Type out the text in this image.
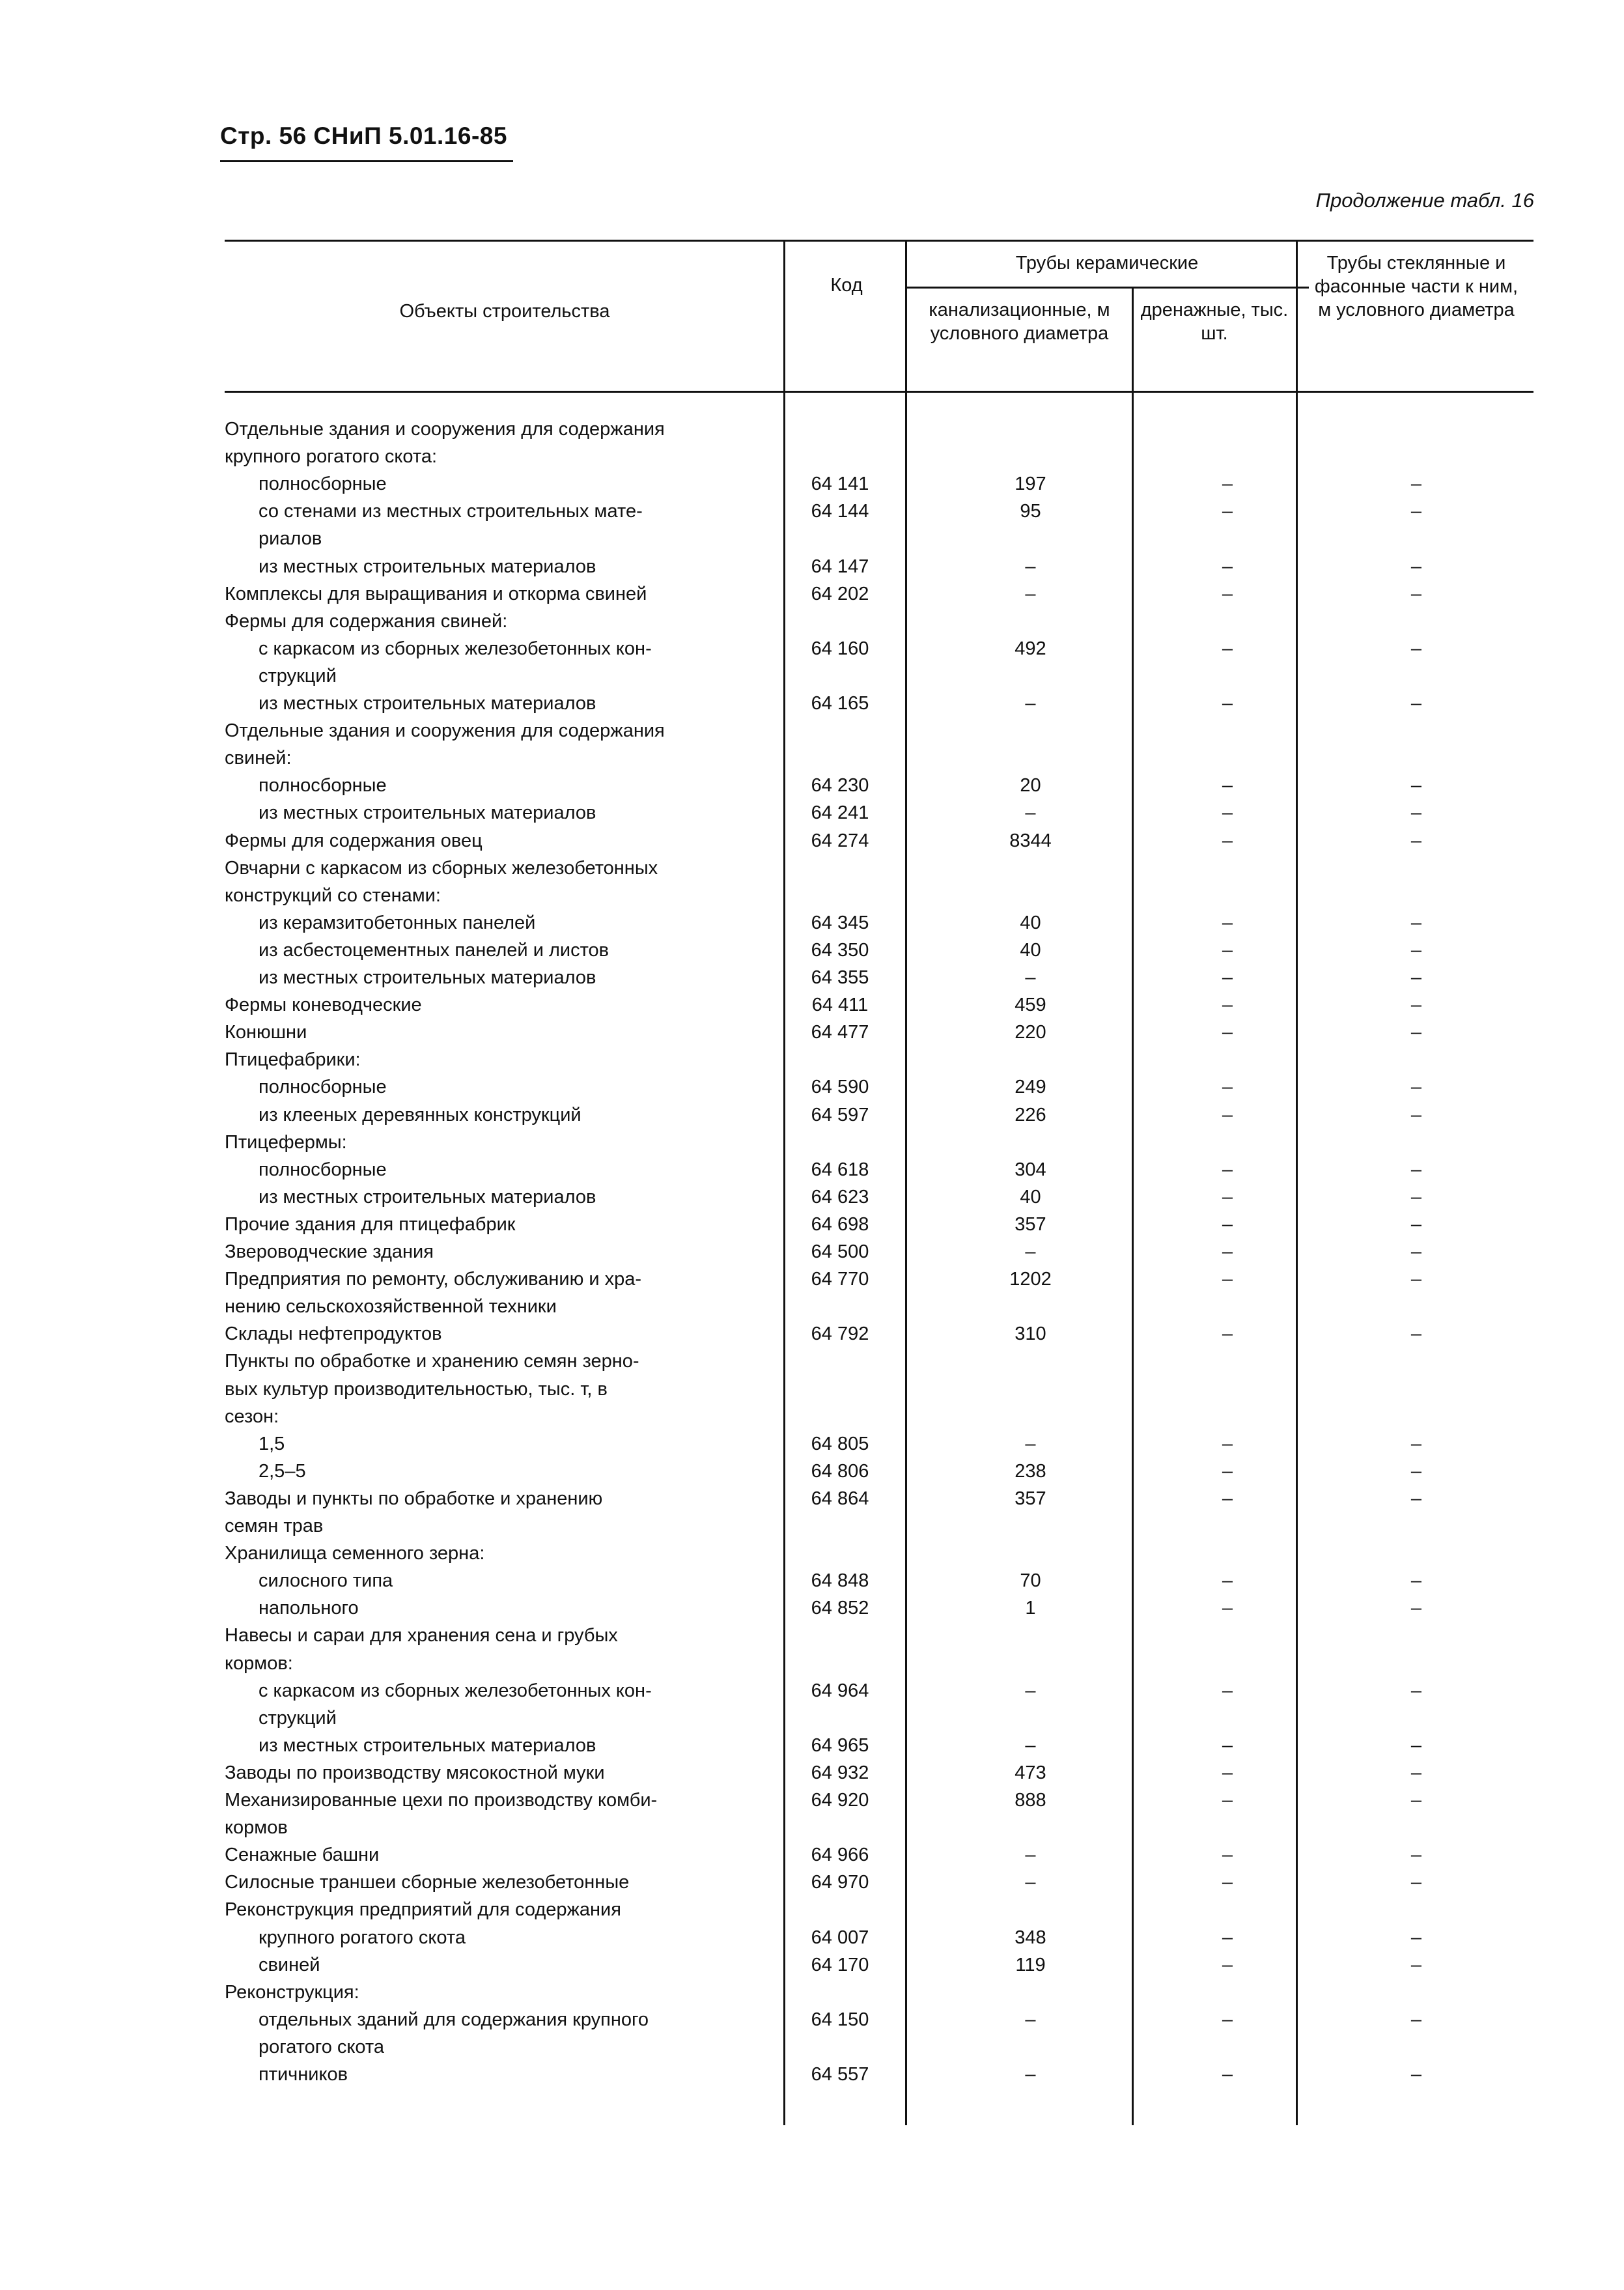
Стр. 56 СНиП 5.01.16-85
Продолжение табл. 16
Объекты строительства
Код
Трубы керамические
канализационные, м условного диаметра
дренажные, тыс. шт.
Трубы стеклянные и фасонные части к ним, м условного диаметра
Отдельные здания и сооружения для содержания
крупного рогатого скота:
полносборные	64 141	197	–	–
со стенами из местных строительных мате-	64 144	95	–	–
риалов
из местных строительных материалов	64 147	–	–	–
Комплексы для выращивания и откорма свиней	64 202	–	–	–
Фермы для содержания свиней:
с каркасом из сборных железобетонных кон-	64 160	492	–	–
струкций
из местных строительных материалов	64 165	–	–	–
Отдельные здания и сооружения для содержания
свиней:
полносборные	64 230	20	–	–
из местных строительных материалов	64 241	–	–	–
Фермы для содержания овец	64 274	8344	–	–
Овчарни с каркасом из сборных железобетонных
конструкций со стенами:
из керамзитобетонных панелей	64 345	40	–	–
из асбестоцементных панелей и листов	64 350	40	–	–
из местных строительных материалов	64 355	–	–	–
Фермы коневодческие	64 411	459	–	–
Конюшни	64 477	220	–	–
Птицефабрики:
полносборные	64 590	249	–	–
из клееных деревянных конструкций	64 597	226	–	–
Птицефермы:
полносборные	64 618	304	–	–
из местных строительных материалов	64 623	40	–	–
Прочие здания для птицефабрик	64 698	357	–	–
Звероводческие здания	64 500	–	–	–
Предприятия по ремонту, обслуживанию и хра-	64 770	1202	–	–
нению сельскохозяйственной техники
Склады нефтепродуктов	64 792	310	–	–
Пункты по обработке и хранению семян зерно-
вых культур производительностью, тыс. т, в
сезон:
1,5	64 805	–	–	–
2,5–5	64 806	238	–	–
Заводы и пункты по обработке и хранению	64 864	357	–	–
семян трав
Хранилища семенного зерна:
силосного типа	64 848	70	–	–
напольного	64 852	1	–	–
Навесы и сараи для хранения сена и грубых
кормов:
с каркасом из сборных железобетонных кон-	64 964	–	–	–
струкций
из местных строительных материалов	64 965	–	–	–
Заводы по производству мясокостной муки	64 932	473	–	–
Механизированные цехи по производству комби-	64 920	888	–	–
кормов
Сенажные башни	64 966	–	–	–
Силосные траншеи сборные железобетонные	64 970	–	–	–
Реконструкция предприятий для содержания
крупного рогатого скота	64 007	348	–	–
свиней	64 170	119	–	–
Реконструкция:
отдельных зданий для содержания крупного	64 150	–	–	–
рогатого скота
птичников	64 557	–	–	–
